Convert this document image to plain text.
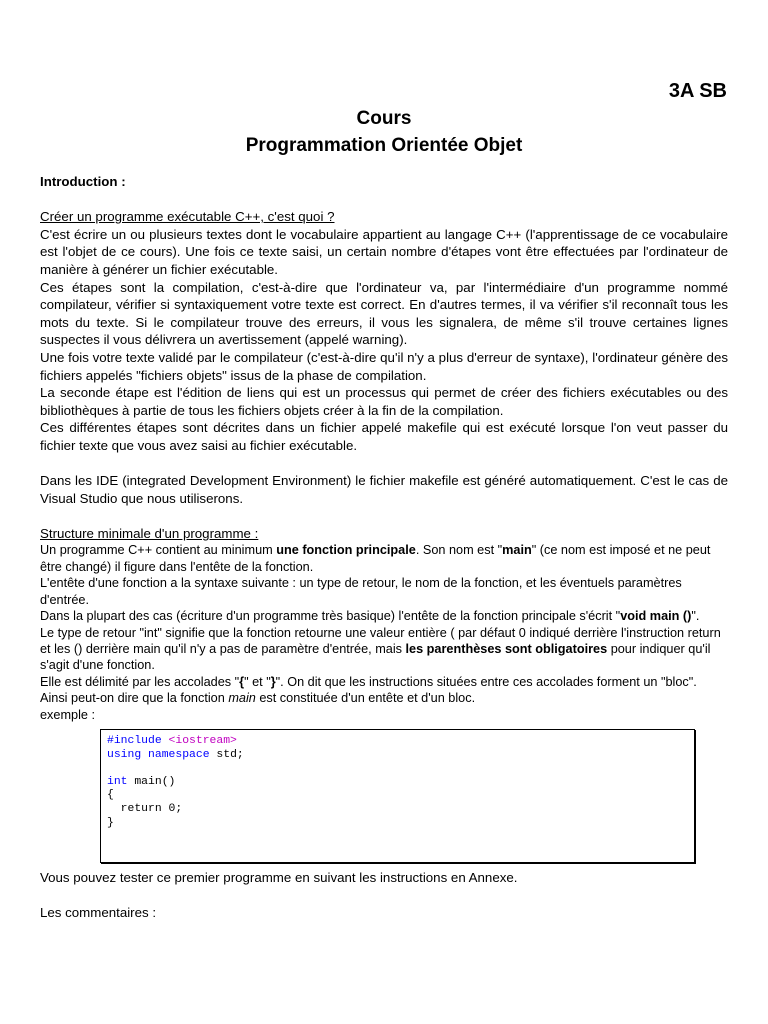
3A SB
Cours
Programmation Orientée Objet

Introduction :

Créer un programme exécutable C++, c'est quoi ?

C'est écrire un ou plusieurs textes dont le vocabulaire appartient au langage C++ (l'apprentissage de ce vocabulaire est l'objet de ce cours). Une fois ce texte saisi, un certain nombre d'étapes vont être effectuées par l'ordinateur de manière à générer un fichier exécutable.

Ces étapes sont la compilation, c'est-à-dire que l'ordinateur va, par l'intermédiaire d'un programme nommé compilateur, vérifier si syntaxiquement votre texte est correct. En d'autres termes, il va vérifier s'il reconnaît tous les mots du texte. Si le compilateur trouve des erreurs, il vous les signalera, de même s'il trouve certaines lignes suspectes il vous délivrera un avertissement (appelé warning).

Une fois votre texte validé par le compilateur (c'est-à-dire qu'il n'y a plus d'erreur de syntaxe), l'ordinateur génère des fichiers appelés "fichiers objets" issus de la phase de compilation.

La seconde étape est l'édition de liens qui est un processus qui permet de créer des fichiers exécutables ou des bibliothèques à partie de tous les fichiers objets créer à la fin de la compilation.

Ces différentes étapes sont décrites dans un fichier appelé makefile qui est exécuté lorsque l'on veut passer du fichier texte que vous avez saisi au fichier exécutable.

Dans les IDE (integrated Development Environment) le fichier makefile est généré automatiquement. C'est le cas de Visual Studio que nous utiliserons.

Structure minimale d'un programme :

Un programme C++ contient au minimum une fonction principale. Son nom est "main" (ce nom est imposé et ne peut être changé) il figure dans l'entête de la fonction.

L'entête d'une fonction a la syntaxe suivante : un type de retour, le nom de la fonction, et les éventuels paramètres d'entrée.

Dans la plupart des cas (écriture d'un programme très basique) l'entête de la fonction principale s'écrit "void main ()".

Le type de retour "int" signifie que la fonction retourne une valeur entière ( par défaut 0 indiqué derrière l'instruction return et les () derrière main qu'il n'y a pas de paramètre d'entrée, mais les parenthèses sont obligatoires pour indiquer qu'il s'agit d'une fonction.

Elle est délimité par les accolades "{" et "}". On dit que les instructions situées entre ces accolades forment un "bloc".

Ainsi peut-on dire que la fonction main est constituée d'un entête et d'un bloc.

exemple :

#include <iostream>
using namespace std;
int main()
{
return 0;
}

Vous pouvez tester ce premier programme en suivant les instructions en Annexe.

Les commentaires :
